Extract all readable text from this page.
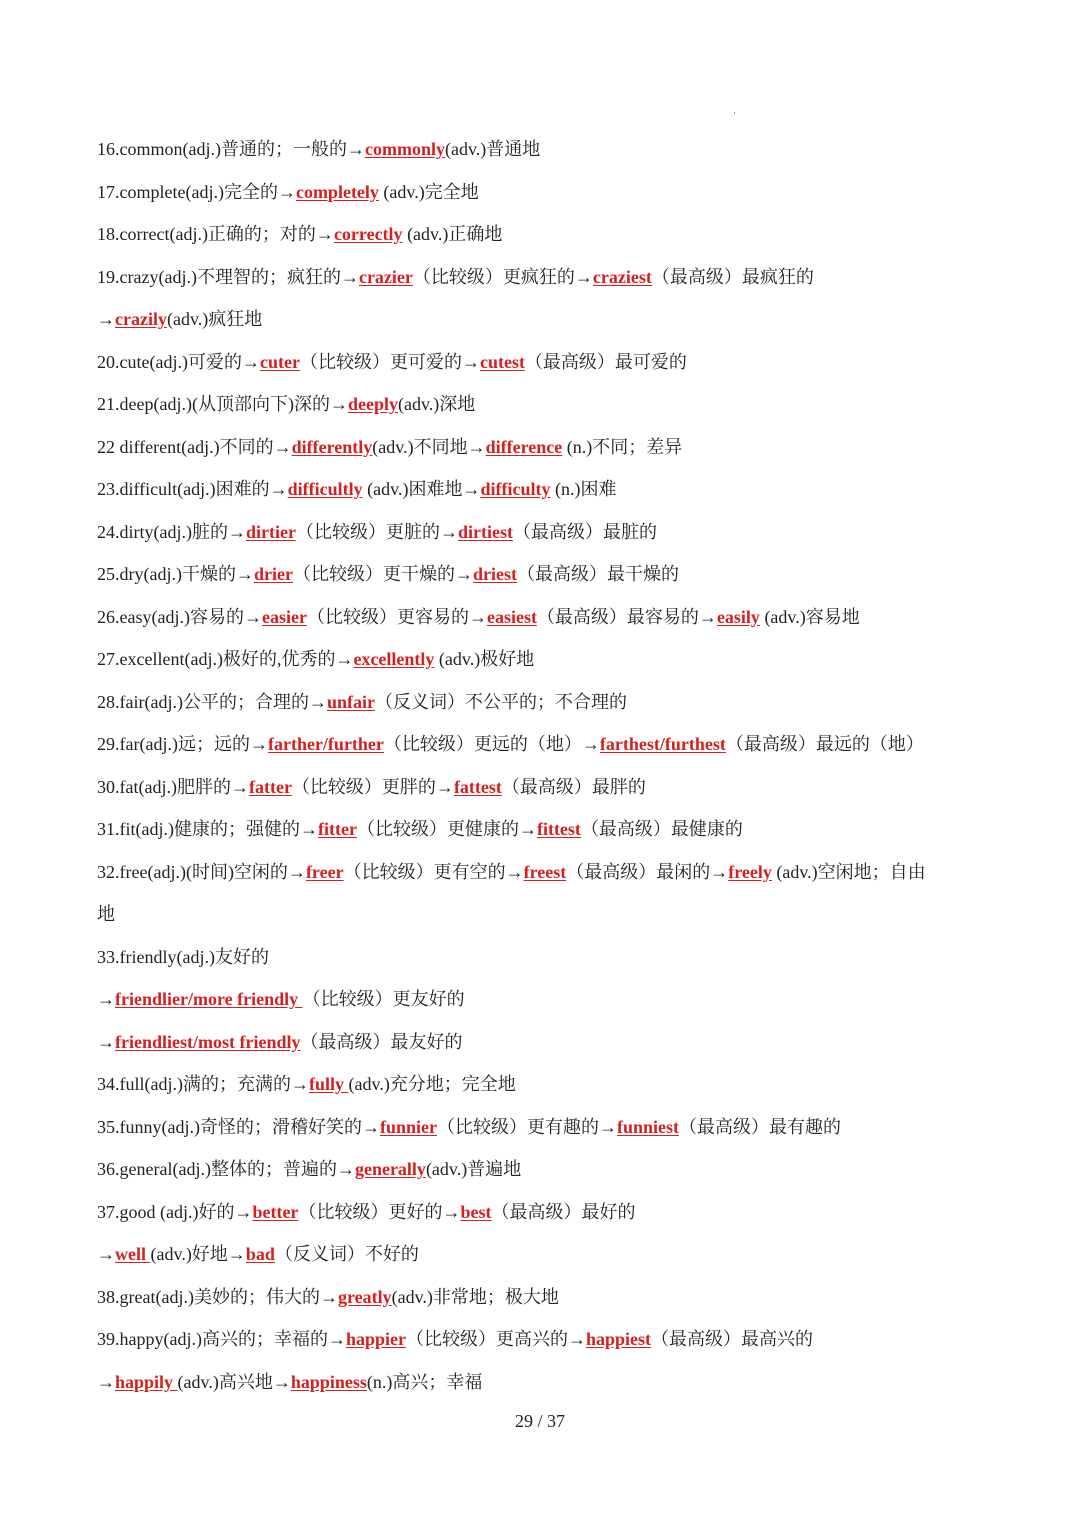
16.common(adj.)普通的；一般的→commonly(adv.)普通地
17.complete(adj.)完全的→completely (adv.)完全地
18.correct(adj.)正确的；对的→correctly (adv.)正确地
19.crazy(adj.)不理智的；疯狂的→crazier（比较级）更疯狂的→craziest（最高级）最疯狂的
→crazily(adv.)疯狂地
20.cute(adj.)可爱的→cuter（比较级）更可爱的→cutest（最高级）最可爱的
21.deep(adj.)(从顶部向下)深的→deeply(adv.)深地
22 different(adj.)不同的→differently(adv.)不同地→difference (n.)不同；差异
23.difficult(adj.)困难的→difficultly (adv.)困难地→difficulty (n.)困难
24.dirty(adj.)脏的→dirtier（比较级）更脏的→dirtiest（最高级）最脏的
25.dry(adj.)干燥的→drier（比较级）更干燥的→driest（最高级）最干燥的
26.easy(adj.)容易的→easier（比较级）更容易的→easiest（最高级）最容易的→easily (adv.)容易地
27.excellent(adj.)极好的,优秀的→excellently (adv.)极好地
28.fair(adj.)公平的；合理的→unfair（反义词）不公平的；不合理的
29.far(adj.)远；远的→farther/further（比较级）更远的（地）→farthest/furthest（最高级）最远的（地）
30.fat(adj.)肥胖的→fatter（比较级）更胖的→fattest（最高级）最胖的
31.fit(adj.)健康的；强健的→fitter（比较级）更健康的→fittest（最高级）最健康的
32.free(adj.)(时间)空闲的→freer（比较级）更有空的→freest（最高级）最闲的→freely (adv.)空闲地；自由
地
33.friendly(adj.)友好的
→friendlier/more friendly （比较级）更友好的
→friendliest/most friendly（最高级）最友好的
34.full(adj.)满的；充满的→fully (adv.)充分地；完全地
35.funny(adj.)奇怪的；滑稽好笑的→funnier（比较级）更有趣的→funniest（最高级）最有趣的
36.general(adj.)整体的；普遍的→generally(adv.)普遍地
37.good (adj.)好的→better（比较级）更好的→best（最高级）最好的
→well (adv.)好地→bad（反义词）不好的
38.great(adj.)美妙的；伟大的→greatly(adv.)非常地；极大地
39.happy(adj.)高兴的；幸福的→happier（比较级）更高兴的→happiest（最高级）最高兴的
→happily (adv.)高兴地→happiness(n.)高兴；幸福
29 / 37
